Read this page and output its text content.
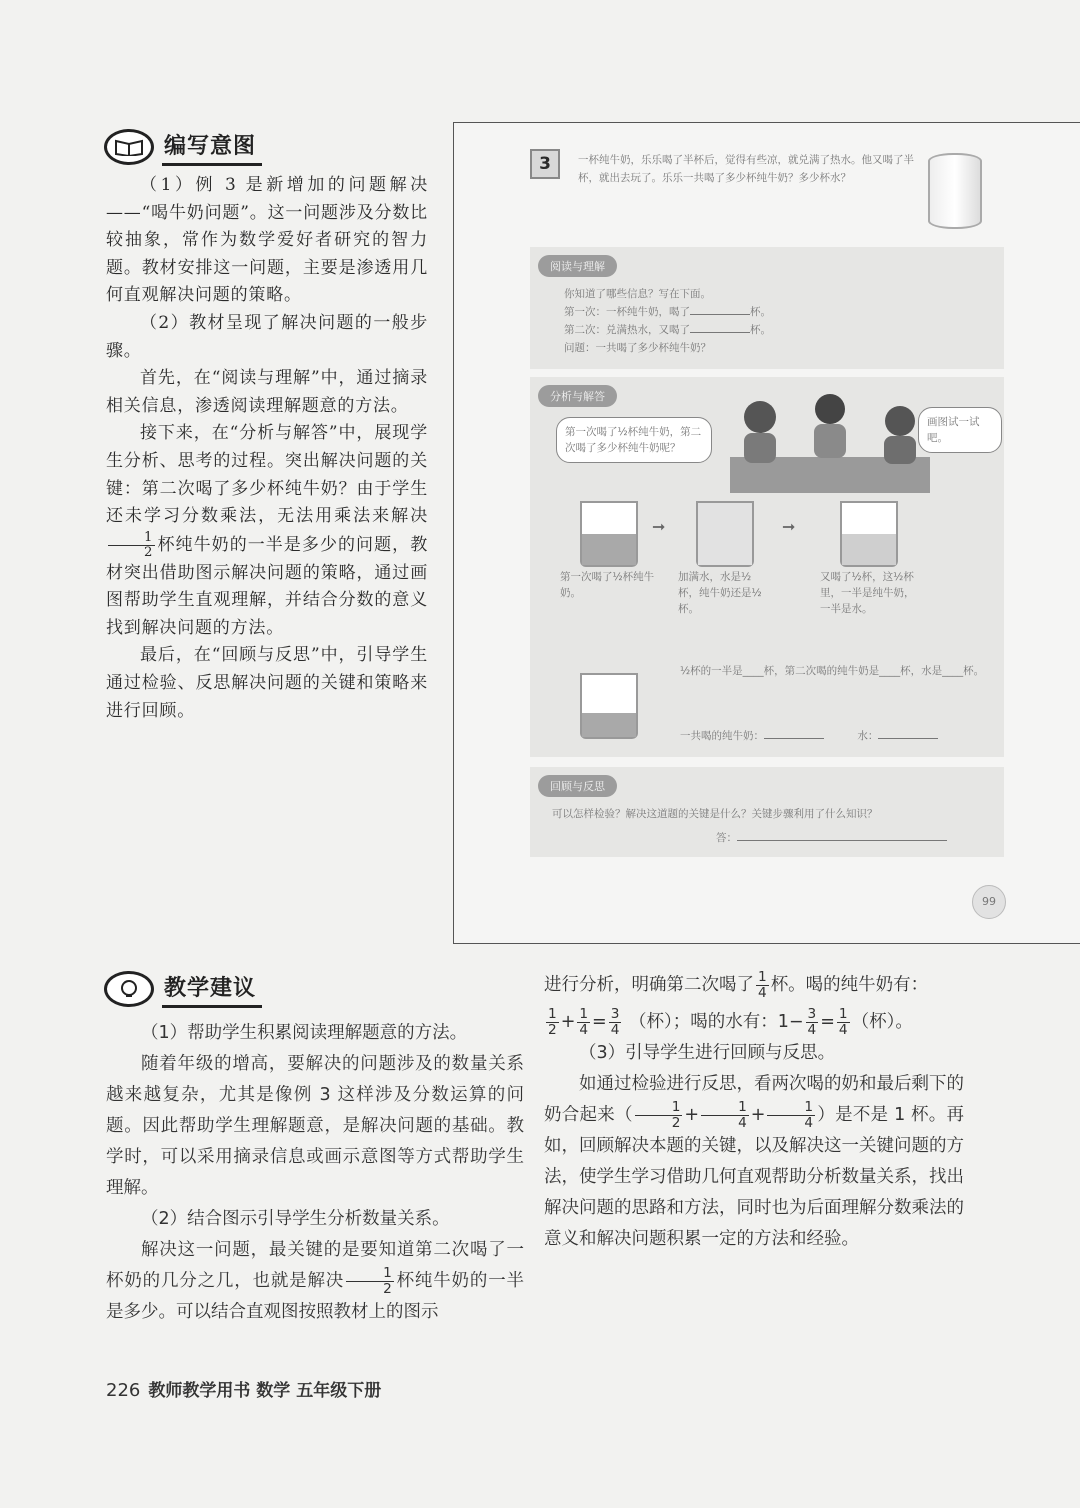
编写意图

（1）例 3 是新增加的问题解决——“喝牛奶问题”。这一问题涉及分数比较抽象，常作为数学爱好者研究的智力题。教材安排这一问题，主要是渗透用几何直观解决问题的策略。

（2）教材呈现了解决问题的一般步骤。

首先，在“阅读与理解”中，通过摘录相关信息，渗透阅读理解题意的方法。

接下来，在“分析与解答”中，展现学生分析、思考的过程。突出解决问题的关键：第二次喝了多少杯纯牛奶？由于学生还未学习分数乘法，无法用乘法来解决
$\frac{1}{2}$ 杯纯牛奶的一半是多少的问题，教材突出借助图示解决问题的策略，通过画图帮助学生直观理解，并结合分数的意义找到解决问题的方法。

最后，在“回顾与反思”中，引导学生通过检验、反思解决问题的关键和策略来进行回顾。

3	一杯纯牛奶，乐乐喝了半杯后，觉得有些凉，就兑满了热水。他又喝了半杯，就出去玩了。乐乐一共喝了多少杯纯牛奶？多少杯水？
阅读与理解
你知道了哪些信息？写在下面。
第一次：一杯纯牛奶，喝了	杯。
第二次：兑满热水，又喝了	杯。
问题：一共喝了多少杯纯牛奶？
分析与解答
第一次喝了½杯纯牛奶，第二次喝了多少杯纯牛奶呢？
画图试一试吧。
➞	➞
第一次喝了½杯纯牛奶。
加满水，水是½杯，纯牛奶还是½杯。
又喝了½杯，这½杯里，一半是纯牛奶，一半是水。
½杯的一半是____杯，第二次喝的纯牛奶是____杯，水是____杯。
一共喝的纯牛奶：	水：
回顾与反思
可以怎样检验？解决这道题的关键是什么？关键步骤利用了什么知识？
答：
99
教学建议

（1）帮助学生积累阅读理解题意的方法。

随着年级的增高，要解决的问题涉及的数量关系越来越复杂，尤其是像例 3 这样涉及分数运算的问题。因此帮助学生理解题意，是解决问题的基础。教学时，可以采用摘录信息或画示意图等方式帮助学生理解。

（2）结合图示引导学生分析数量关系。

解决这一问题，最关键的是要知道第二次喝了一杯奶的几分之几，也就是解决 $\frac{1}{2}$ 杯纯牛奶的一半是多少。可以结合直观图按照教材上的图示

进行分析，明确第二次喝了 $\frac{1}{4}$ 杯。喝的纯牛奶有：

$\frac{1}{2} + \frac{1}{4} = \frac{3}{4}$ （杯）；喝的水有：$1- \frac{3}{4} = \frac{1}{4}$ （杯）。

（3）引导学生进行回顾与反思。

如通过检验进行反思，看两次喝的奶和最后剩下的奶合起来（ $\frac{1}{2} + \frac{1}{4} + \frac{1}{4}$ ）是不是 1 杯。再如，回顾解决本题的关键，以及解决这一关键问题的方法，使学生学习借助几何直观帮助分析数量关系，找出解决问题的思路和方法，同时也为后面理解分数乘法的意义和解决问题积累一定的方法和经验。

226 教师教学用书 数学 五年级下册
